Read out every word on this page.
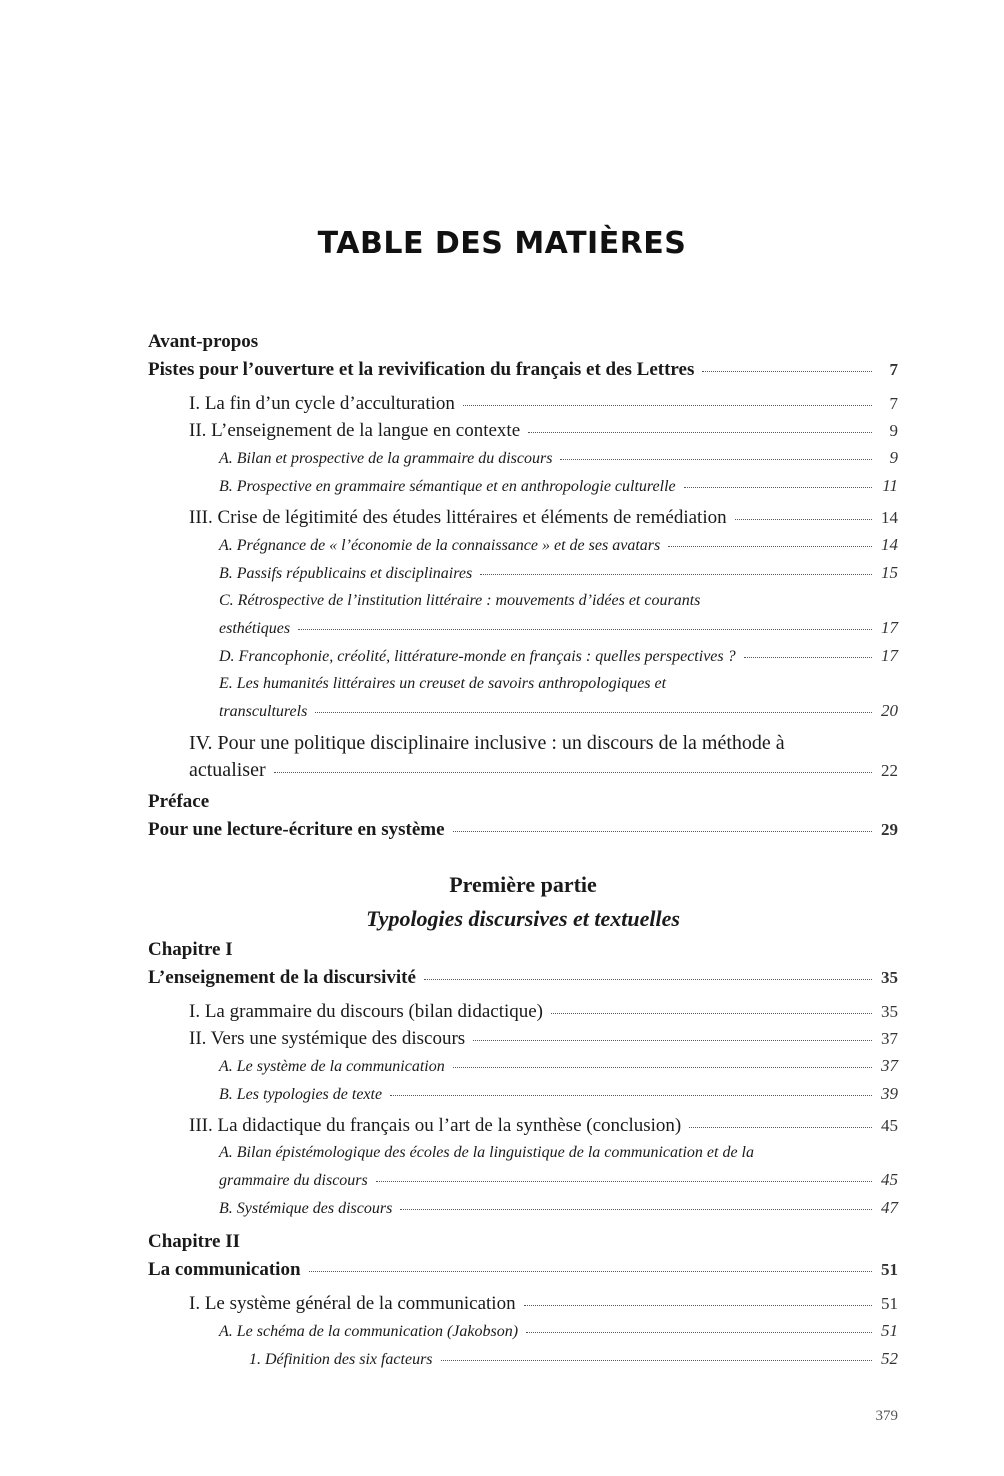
TABLE DES MATIÈRES
Avant-propos
Pistes pour l’ouverture et la revivification du français et des Lettres	7
I. La fin d’un cycle d’acculturation	7
II. L’enseignement de la langue en contexte	9
A. Bilan et prospective de la grammaire du discours	9
B. Prospective en grammaire sémantique et en anthropologie culturelle	11
III. Crise de légitimité des études littéraires et éléments de remédiation	14
A. Prégnance de « l’économie de la connaissance » et de ses avatars	14
B. Passifs républicains et disciplinaires	15
C. Rétrospective de l’institution littéraire : mouvements d’idées et courants
esthétiques	17
D. Francophonie, créolité, littérature-monde en français : quelles perspectives ?	17
E. Les humanités littéraires un creuset de savoirs anthropologiques et
transculturels	20
IV. Pour une politique disciplinaire inclusive : un discours de la méthode à
actualiser	22
Préface
Pour une lecture-écriture en système	29
Première partie
Typologies discursives et textuelles
Chapitre I
L’enseignement de la discursivité	35
I. La grammaire du discours (bilan didactique)	35
II. Vers une systémique des discours	37
A. Le système de la communication	37
B. Les typologies de texte	39
III. La didactique du français ou l’art de la synthèse (conclusion)	45
A. Bilan épistémologique des écoles de la linguistique de la communication et de la
grammaire du discours	45
B. Systémique des discours	47
Chapitre II
La communication	51
I. Le système général de la communication	51
A. Le schéma de la communication (Jakobson)	51
1. Définition des six facteurs	52
379
